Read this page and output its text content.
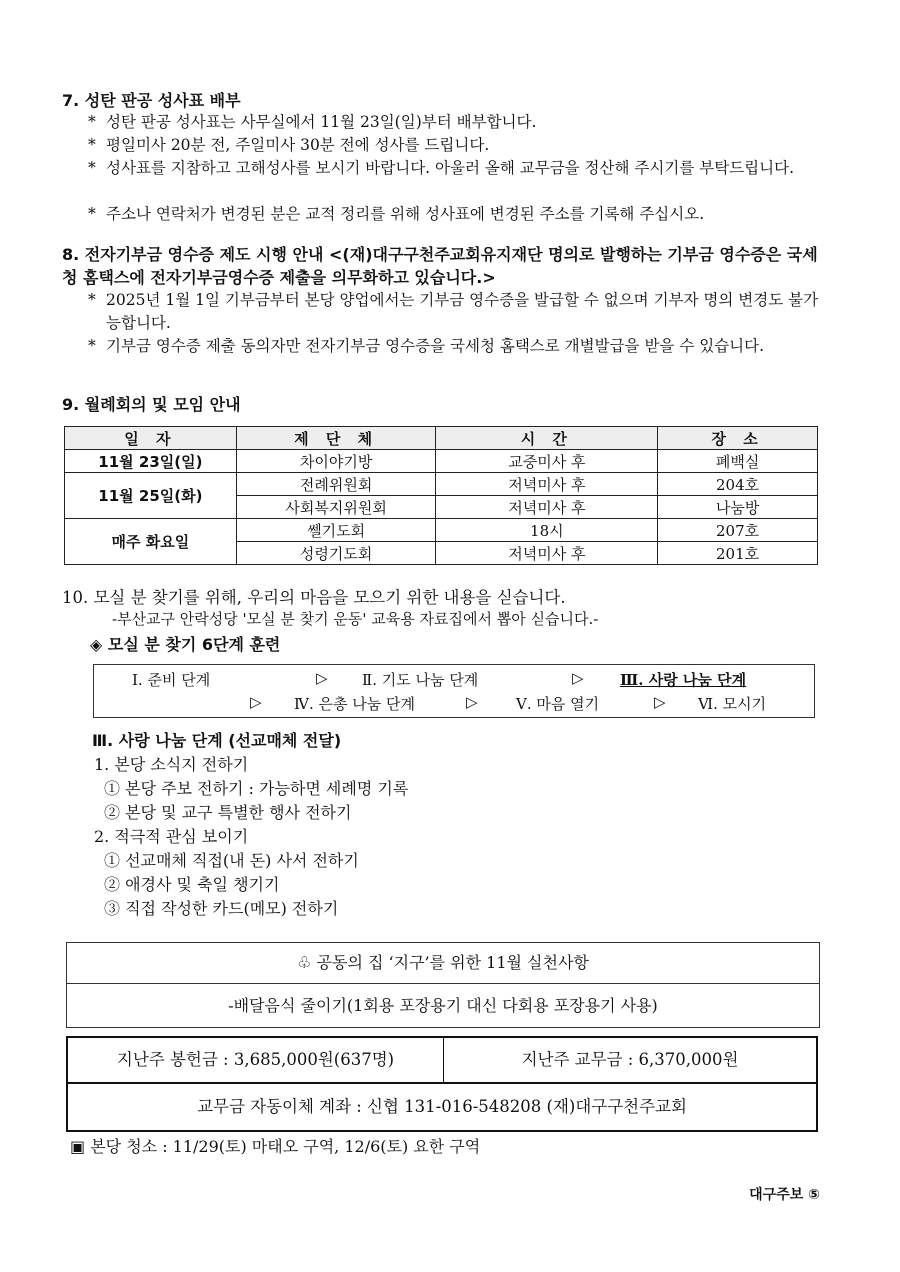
7. 성탄 판공 성사표 배부
* 성탄 판공 성사표는 사무실에서 11월 23일(일)부터 배부합니다.
* 평일미사 20분 전, 주일미사 30분 전에 성사를 드립니다.
* 성사표를 지참하고 고해성사를 보시기 바랍니다. 아울러 올해 교무금을 정산해 주시기를 부탁드립니다.
* 주소나 연락처가 변경된 분은 교적 정리를 위해 성사표에 변경된 주소를 기록해 주십시오.
8. 전자기부금 영수증 제도 시행 안내 <(재)대구구천주교회유지재단 명의로 발행하는 기부금 영수증은 국세청 홈택스에 전자기부금영수증 제출을 의무화하고 있습니다.>
* 2025년 1월 1일 기부금부터 본당 양업에서는 기부금 영수증을 발급할 수 없으며 기부자 명의 변경도 불가능합니다.
* 기부금 영수증 제출 동의자만 전자기부금 영수증을 국세청 홈택스로 개별발급을 받을 수 있습니다.
9. 월례회의 및 모임 안내
일 자	제 단 체	시 간	장 소
11월 23일(일)	차이야기방	교중미사 후	폐백실
11월 25일(화)	전례위원회	저녁미사 후	204호
	사회복지위원회	저녁미사 후	나눔방
매주 화요일	쎌기도회	18시	207호
	성령기도회	저녁미사 후	201호
10. 모실 분 찾기를 위해, 우리의 마음을 모으기 위한 내용을 싣습니다.
-부산교구 안락성당 '모실 분 찾기 운동' 교육용 자료집에서 뽑아 싣습니다.-
◈ 모실 분 찾기 6단계 훈련
Ⅰ. 준비 단계	▷ Ⅱ. 기도 나눔 단계	▷ Ⅲ. 사랑 나눔 단계
▷ Ⅳ. 은총 나눔 단계	▷	Ⅴ. 마음 열기	▷ Ⅵ. 모시기
Ⅲ. 사랑 나눔 단계 (선교매체 전달)
1. 본당 소식지 전하기
① 본당 주보 전하기 : 가능하면 세례명 기록
② 본당 및 교구 특별한 행사 전하기
2. 적극적 관심 보이기
① 선교매체 직접(내 돈) 사서 전하기
② 애경사 및 축일 챙기기
③ 직접 작성한 카드(메모) 전하기
♧ 공동의 집 ‘지구’를 위한 11월 실천사항
-배달음식 줄이기(1회용 포장용기 대신 다회용 포장용기 사용)
지난주 봉헌금 : 3,685,000원(637명)	지난주 교무금 : 6,370,000원
교무금 자동이체 계좌 : 신협 131-016-548208 (재)대구구천주교회
▣ 본당 청소 : 11/29(토) 마태오 구역, 12/6(토) 요한 구역
대구주보 ⑤
